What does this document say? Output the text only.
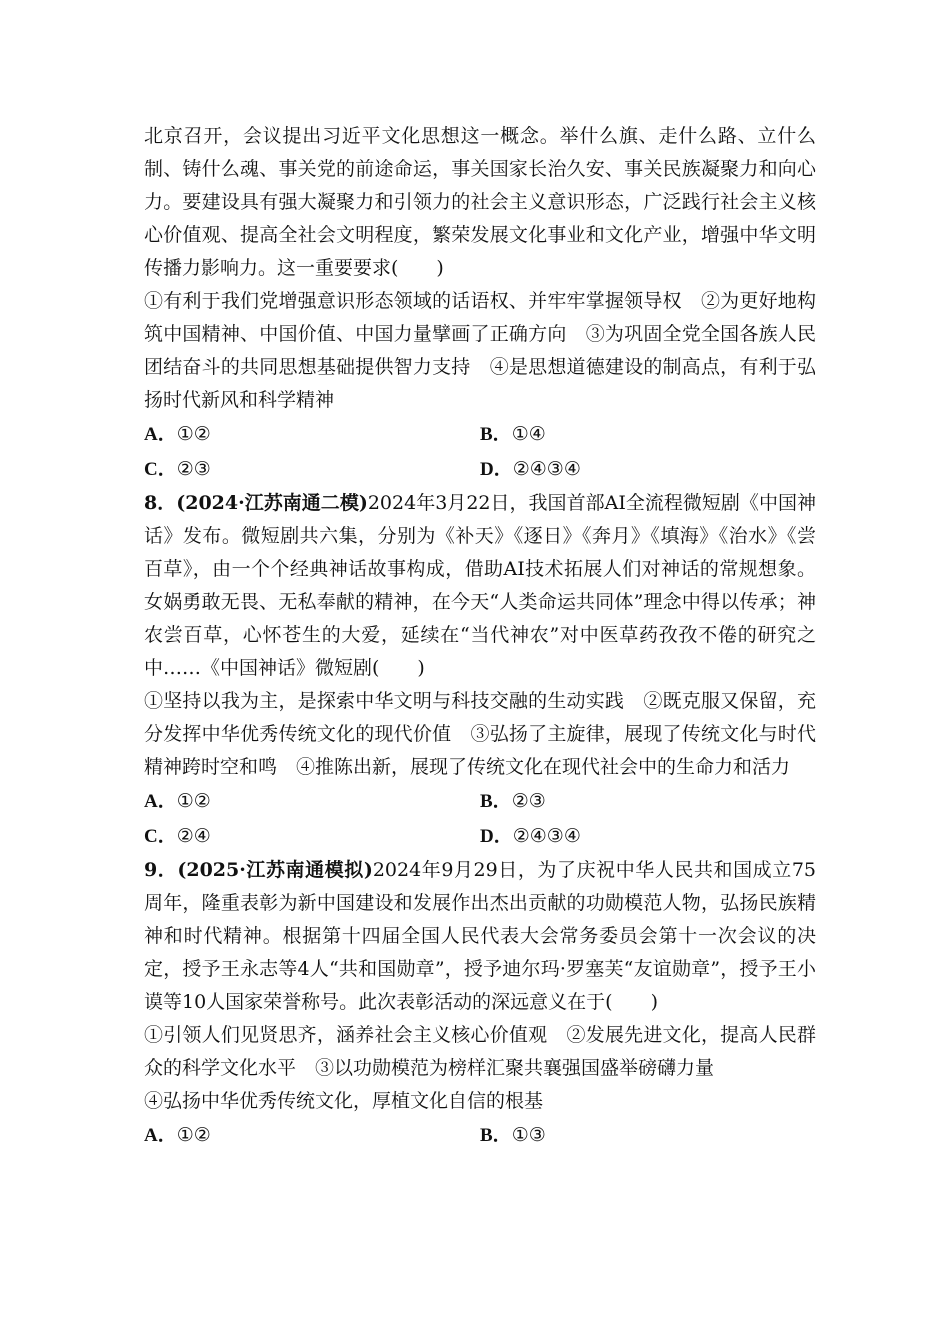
北京召开，会议提出习近平文化思想这一概念。举什么旗、走什么路、立什么制、铸什么魂、事关党的前途命运，事关国家长治久安、事关民族凝聚力和向心力。要建设具有强大凝聚力和引领力的社会主义意识形态，广泛践行社会主义核心价值观、提高全社会文明程度，繁荣发展文化事业和文化产业，增强中华文明传播力影响力。这一重要要求(　　)

①有利于我们党增强意识形态领域的话语权、并牢牢掌握领导权　②为更好地构筑中国精神、中国价值、中国力量擘画了正确方向　③为巩固全党全国各族人民团结奋斗的共同思想基础提供智力支持　④是思想道德建设的制高点，有利于弘扬时代新风和科学精神

A．①②	B．①④
C．②③	D．②④③④

8．(2024·江苏南通二模)2024年3月22日，我国首部AI全流程微短剧《中国神话》发布。微短剧共六集，分别为《补天》《逐日》《奔月》《填海》《治水》《尝百草》，由一个个经典神话故事构成，借助AI技术拓展人们对神话的常规想象。女娲勇敢无畏、无私奉献的精神，在今天“人类命运共同体”理念中得以传承；神农尝百草，心怀苍生的大爱，延续在“当代神农”对中医草药孜孜不倦的研究之中……《中国神话》微短剧(　　)

①坚持以我为主，是探索中华文明与科技交融的生动实践　②既克服又保留，充分发挥中华优秀传统文化的现代价值　③弘扬了主旋律，展现了传统文化与时代精神跨时空和鸣　④推陈出新，展现了传统文化在现代社会中的生命力和活力

A．①②	B．②③
C．②④	D．②④③④

9．(2025·江苏南通模拟)2024年9月29日，为了庆祝中华人民共和国成立75周年，隆重表彰为新中国建设和发展作出杰出贡献的功勋模范人物，弘扬民族精神和时代精神。根据第十四届全国人民代表大会常务委员会第十一次会议的决定，授予王永志等4人“共和国勋章”，授予迪尔玛·罗塞芙“友谊勋章”，授予王小谟等10人国家荣誉称号。此次表彰活动的深远意义在于(　　)

①引领人们见贤思齐，涵养社会主义核心价值观　②发展先进文化，提高人民群众的科学文化水平　③以功勋模范为榜样汇聚共襄强国盛举磅礴力量

④弘扬中华优秀传统文化，厚植文化自信的根基

A．①②	B．①③
